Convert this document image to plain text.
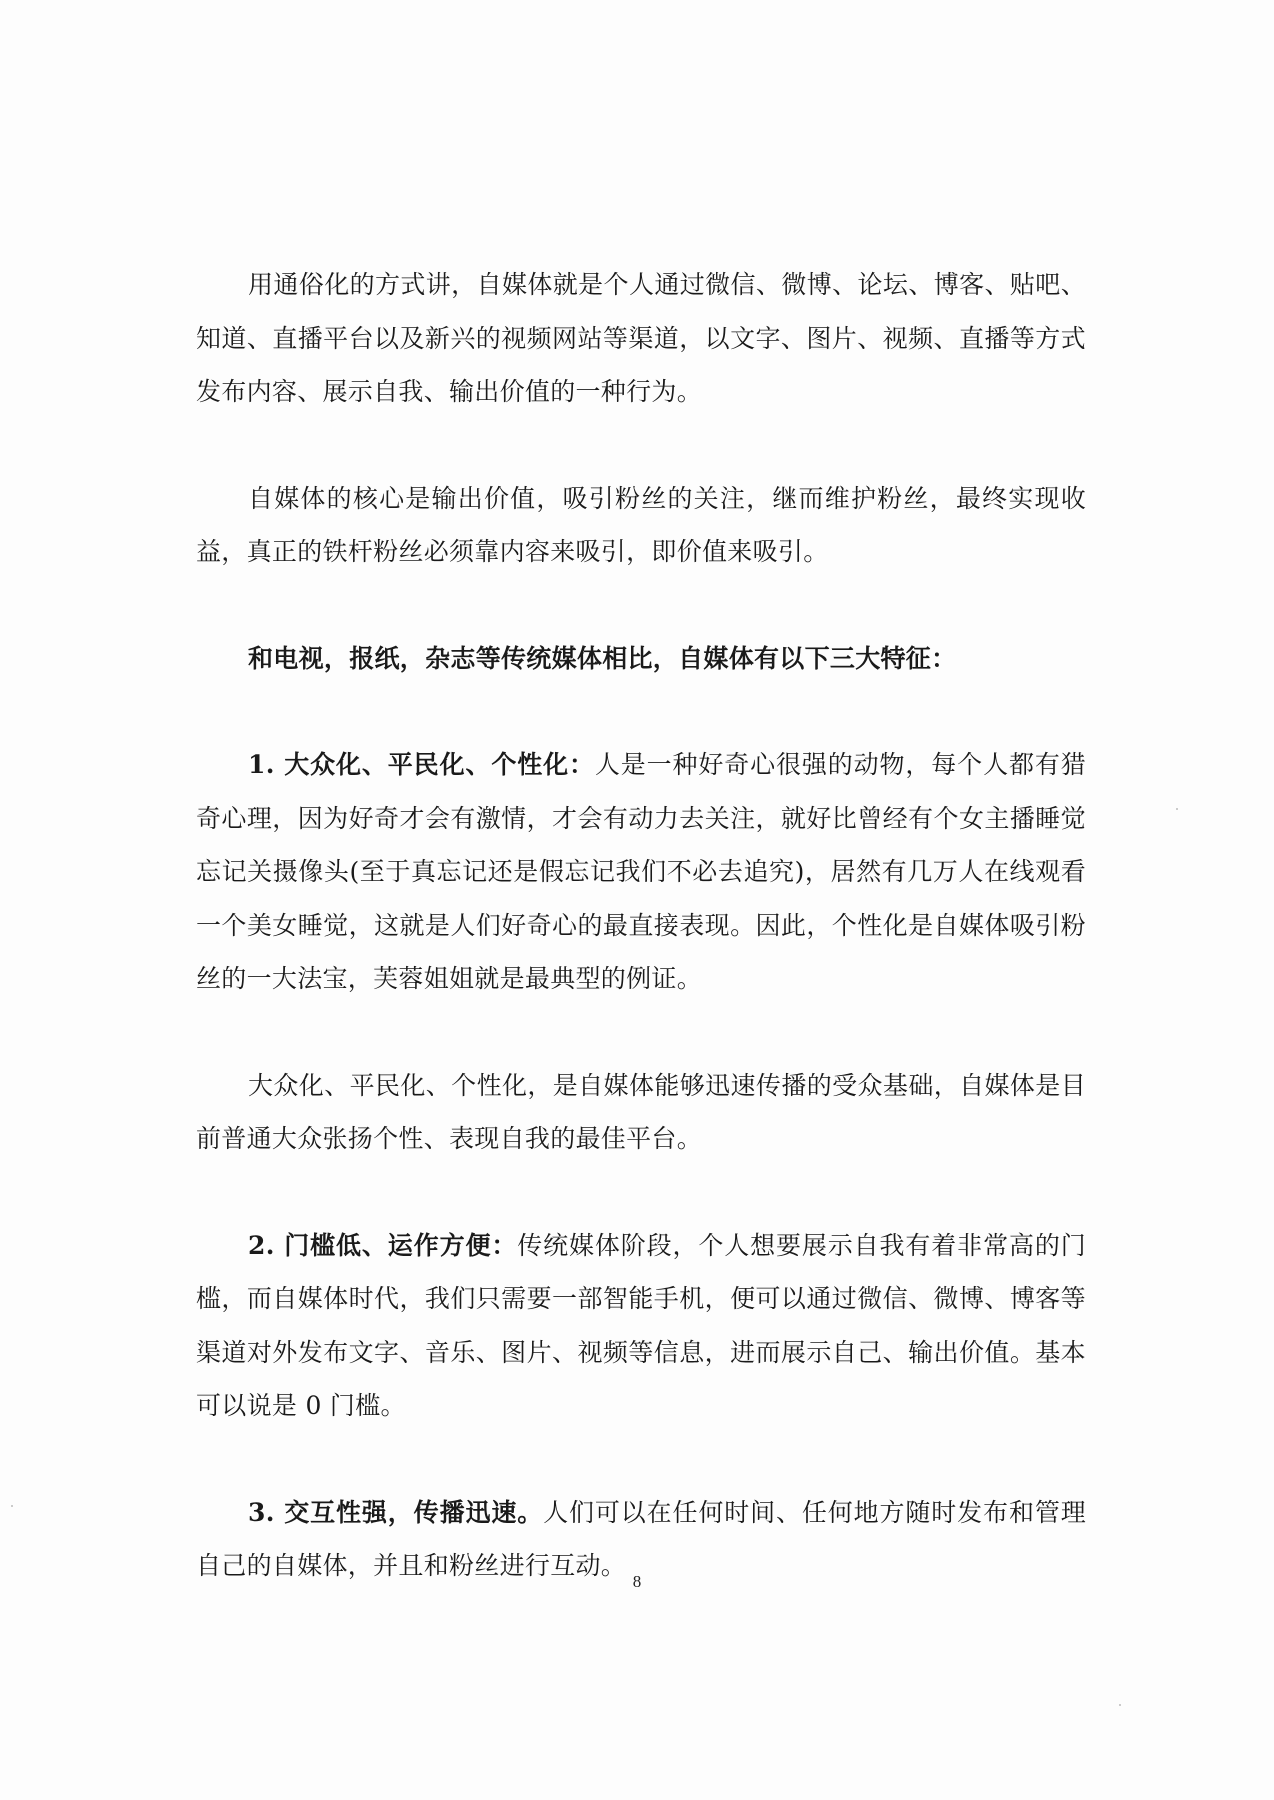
用通俗化的方式讲，自媒体就是个人通过微信、微博、论坛、博客、贴吧、知道、直播平台以及新兴的视频网站等渠道，以文字、图片、视频、直播等方式发布内容、展示自我、输出价值的一种行为。

自媒体的核心是输出价值，吸引粉丝的关注，继而维护粉丝，最终实现收益，真正的铁杆粉丝必须靠内容来吸引，即价值来吸引。

和电视，报纸，杂志等传统媒体相比，自媒体有以下三大特征：

1. 大众化、平民化、个性化：人是一种好奇心很强的动物，每个人都有猎奇心理，因为好奇才会有激情，才会有动力去关注，就好比曾经有个女主播睡觉忘记关摄像头(至于真忘记还是假忘记我们不必去追究)，居然有几万人在线观看一个美女睡觉，这就是人们好奇心的最直接表现。因此，个性化是自媒体吸引粉丝的一大法宝，芙蓉姐姐就是最典型的例证。

大众化、平民化、个性化，是自媒体能够迅速传播的受众基础，自媒体是目前普通大众张扬个性、表现自我的最佳平台。

2. 门槛低、运作方便：传统媒体阶段，个人想要展示自我有着非常高的门槛，而自媒体时代，我们只需要一部智能手机，便可以通过微信、微博、博客等渠道对外发布文字、音乐、图片、视频等信息，进而展示自己、输出价值。基本可以说是 0 门槛。

3. 交互性强，传播迅速。人们可以在任何时间、任何地方随时发布和管理自己的自媒体，并且和粉丝进行互动。

8
